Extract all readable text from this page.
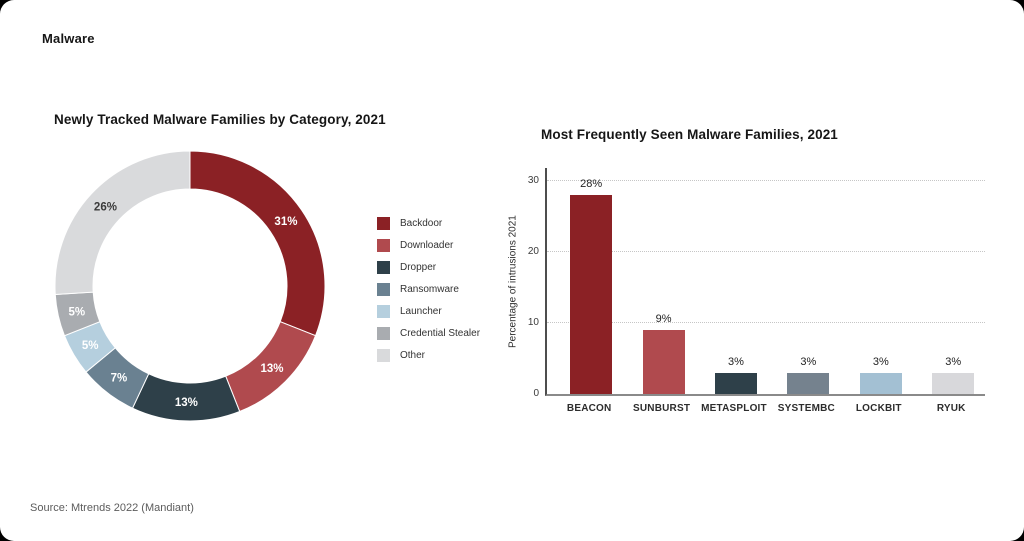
Malware
Newly Tracked Malware Families by Category, 2021
31%
13%
13%
7%
5%
5%
26%
Backdoor
Downloader
Dropper
Ransomware
Launcher
Credential Stealer
Other
Most Frequently Seen Malware Families, 2021
Percentage of intrusions 2021
0
10
20
30	28%
9%
3%	3%	3%	3%
BEACON	SUNBURST	METASPLOIT	SYSTEMBC	LOCKBIT	RYUK
Source: Mtrends 2022 (Mandiant)
